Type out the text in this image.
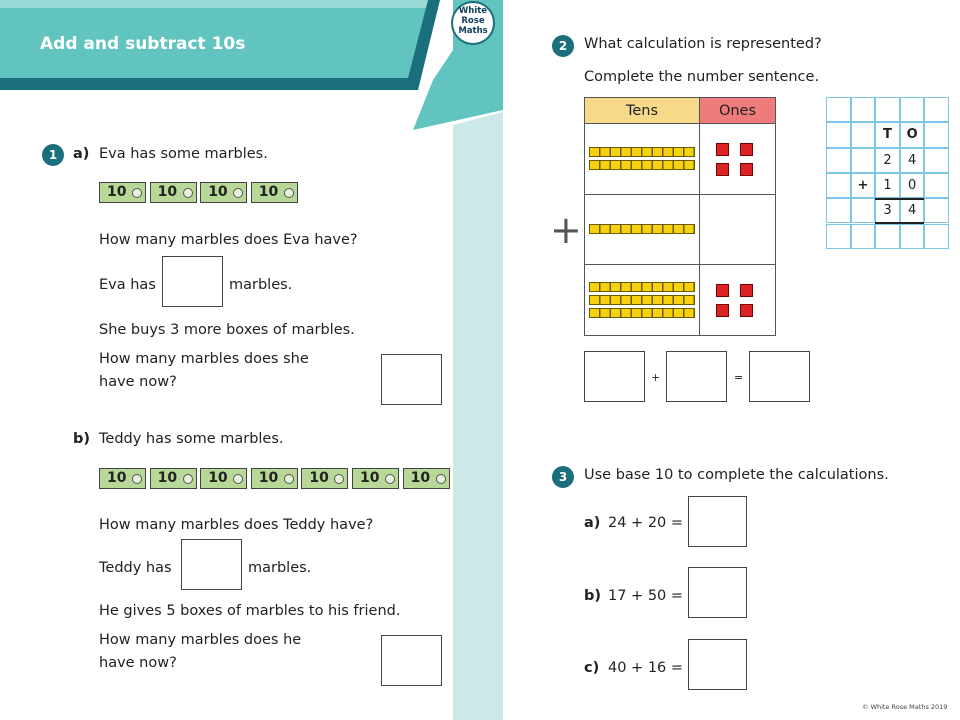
Add and subtract 10s
White
Rose
Maths
1	a) Eva has some marbles.
10	10	10	10
How many marbles does Eva have?
Eva has	marbles.
She buys 3 more boxes of marbles.
How many marbles does she
have now?
b) Teddy has some marbles.
10	10	10	10	10	10	10
How many marbles does Teddy have?
Teddy has	marbles.
He gives 5 boxes of marbles to his friend.
How many marbles does he
have now?
2	What calculation is represented?
Complete the number sentence.
Tens	Ones
+
+	=
T	O
2	4
+	1	0
3	4
3	Use base 10 to complete the calculations.
a) 24 + 20 =
b) 17 + 50 =
c) 40 + 16 =
© White Rose Maths 2019
